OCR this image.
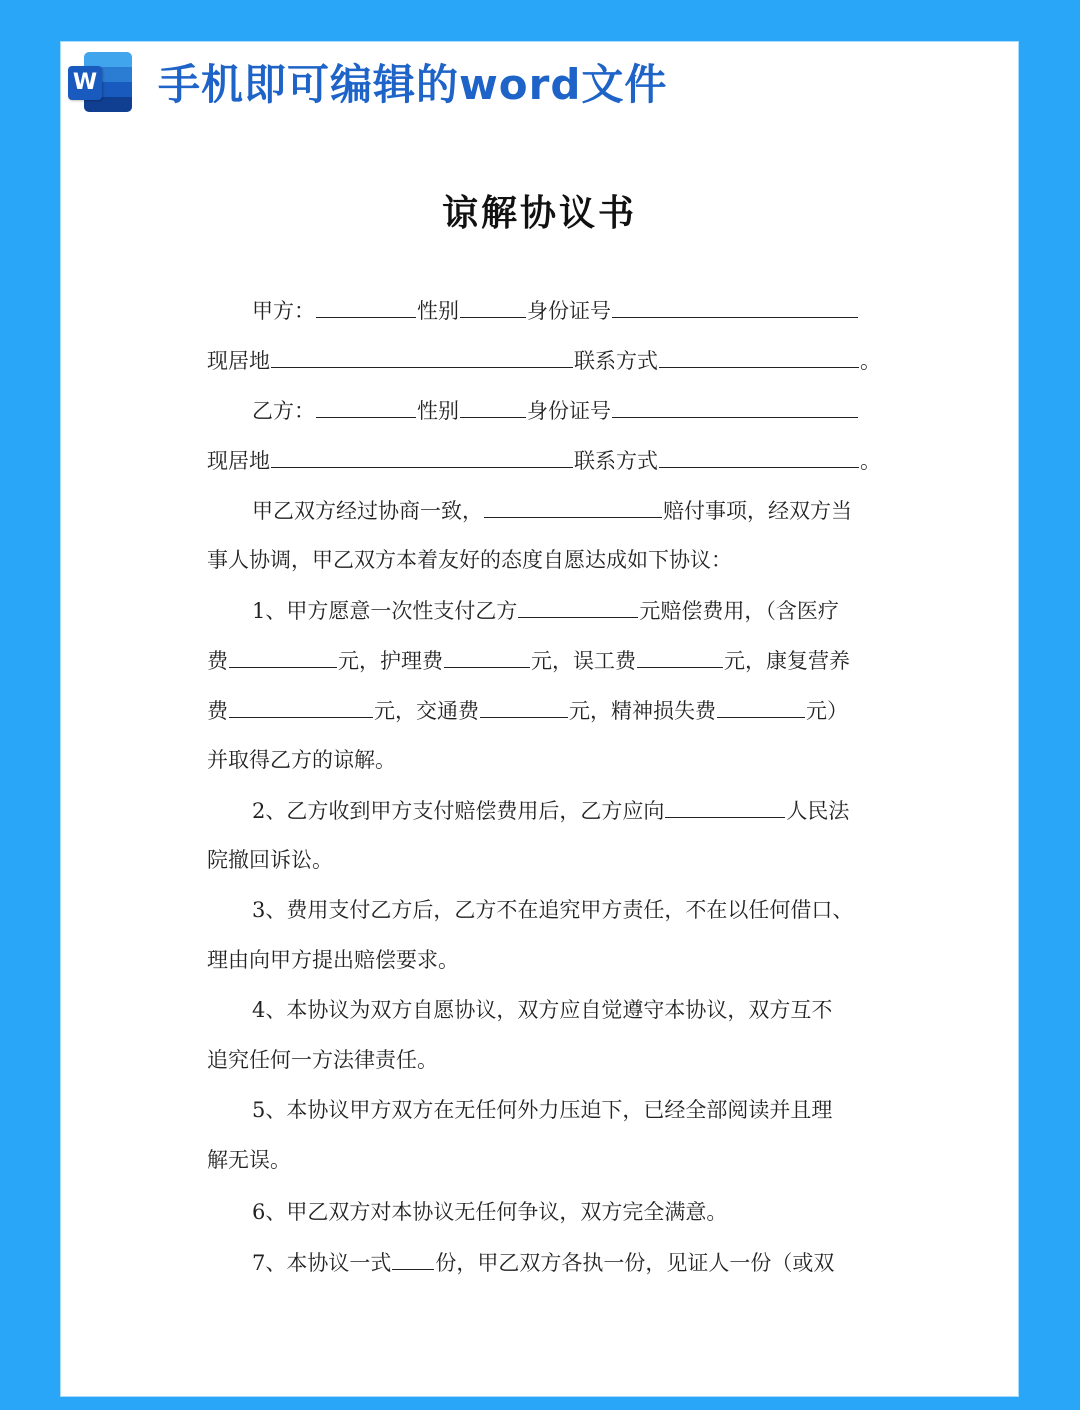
W 手机即可编辑的word文件
谅解协议书
甲方：	性别	身份证号
现居地	联系方式	。
乙方：	性别	身份证号
现居地	联系方式	。
甲乙双方经过协商一致，	赔付事项，经双方当
事人协调，甲乙双方本着友好的态度自愿达成如下协议：
1、甲方愿意一次性支付乙方	元赔偿费用，（含医疗
费	元，护理费	元，误工费	元，康复营养
费	元，交通费	元，精神损失费	元）
并取得乙方的谅解。
2、乙方收到甲方支付赔偿费用后，乙方应向	人民法
院撤回诉讼。
3、费用支付乙方后，乙方不在追究甲方责任，不在以任何借口、
理由向甲方提出赔偿要求。
4、本协议为双方自愿协议，双方应自觉遵守本协议，双方互不
追究任何一方法律责任。
5、本协议甲方双方在无任何外力压迫下，已经全部阅读并且理
解无误。
6、甲乙双方对本协议无任何争议，双方完全满意。
7、本协议一式 份，甲乙双方各执一份，见证人一份（或双
